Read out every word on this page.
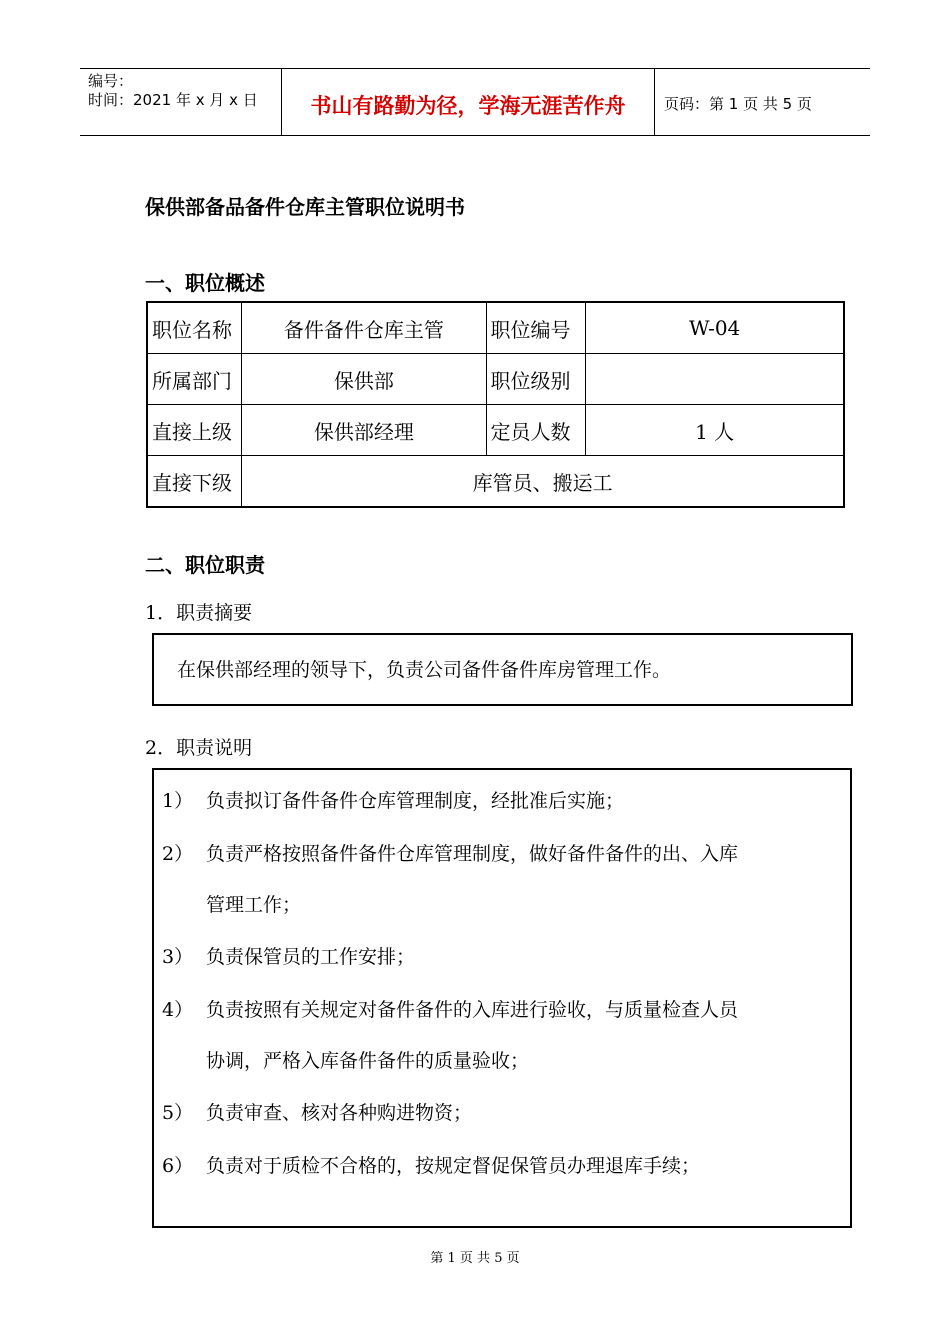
编号：
时间：2021 年 x 月 x 日	书山有路勤为径，学海无涯苦作舟	页码：第 1 页 共 5 页
保供部备品备件仓库主管职位说明书
一、职位概述
职位名称	备件备件仓库主管	职位编号	W-04
所属部门	保供部	职位级别	
直接上级	保供部经理	定员人数	1 人
直接下级	库管员、搬运工		
二、职位职责
1．职责摘要
在保供部经理的领导下，负责公司备件备件库房管理工作。
2．职责说明
1） 负责拟订备件备件仓库管理制度，经批准后实施；
2） 负责严格按照备件备件仓库管理制度，做好备件备件的出、入库
管理工作；
3） 负责保管员的工作安排；
4） 负责按照有关规定对备件备件的入库进行验收，与质量检查人员
协调，严格入库备件备件的质量验收；
5） 负责审查、核对各种购进物资；
6） 负责对于质检不合格的，按规定督促保管员办理退库手续；
第 1 页 共 5 页
